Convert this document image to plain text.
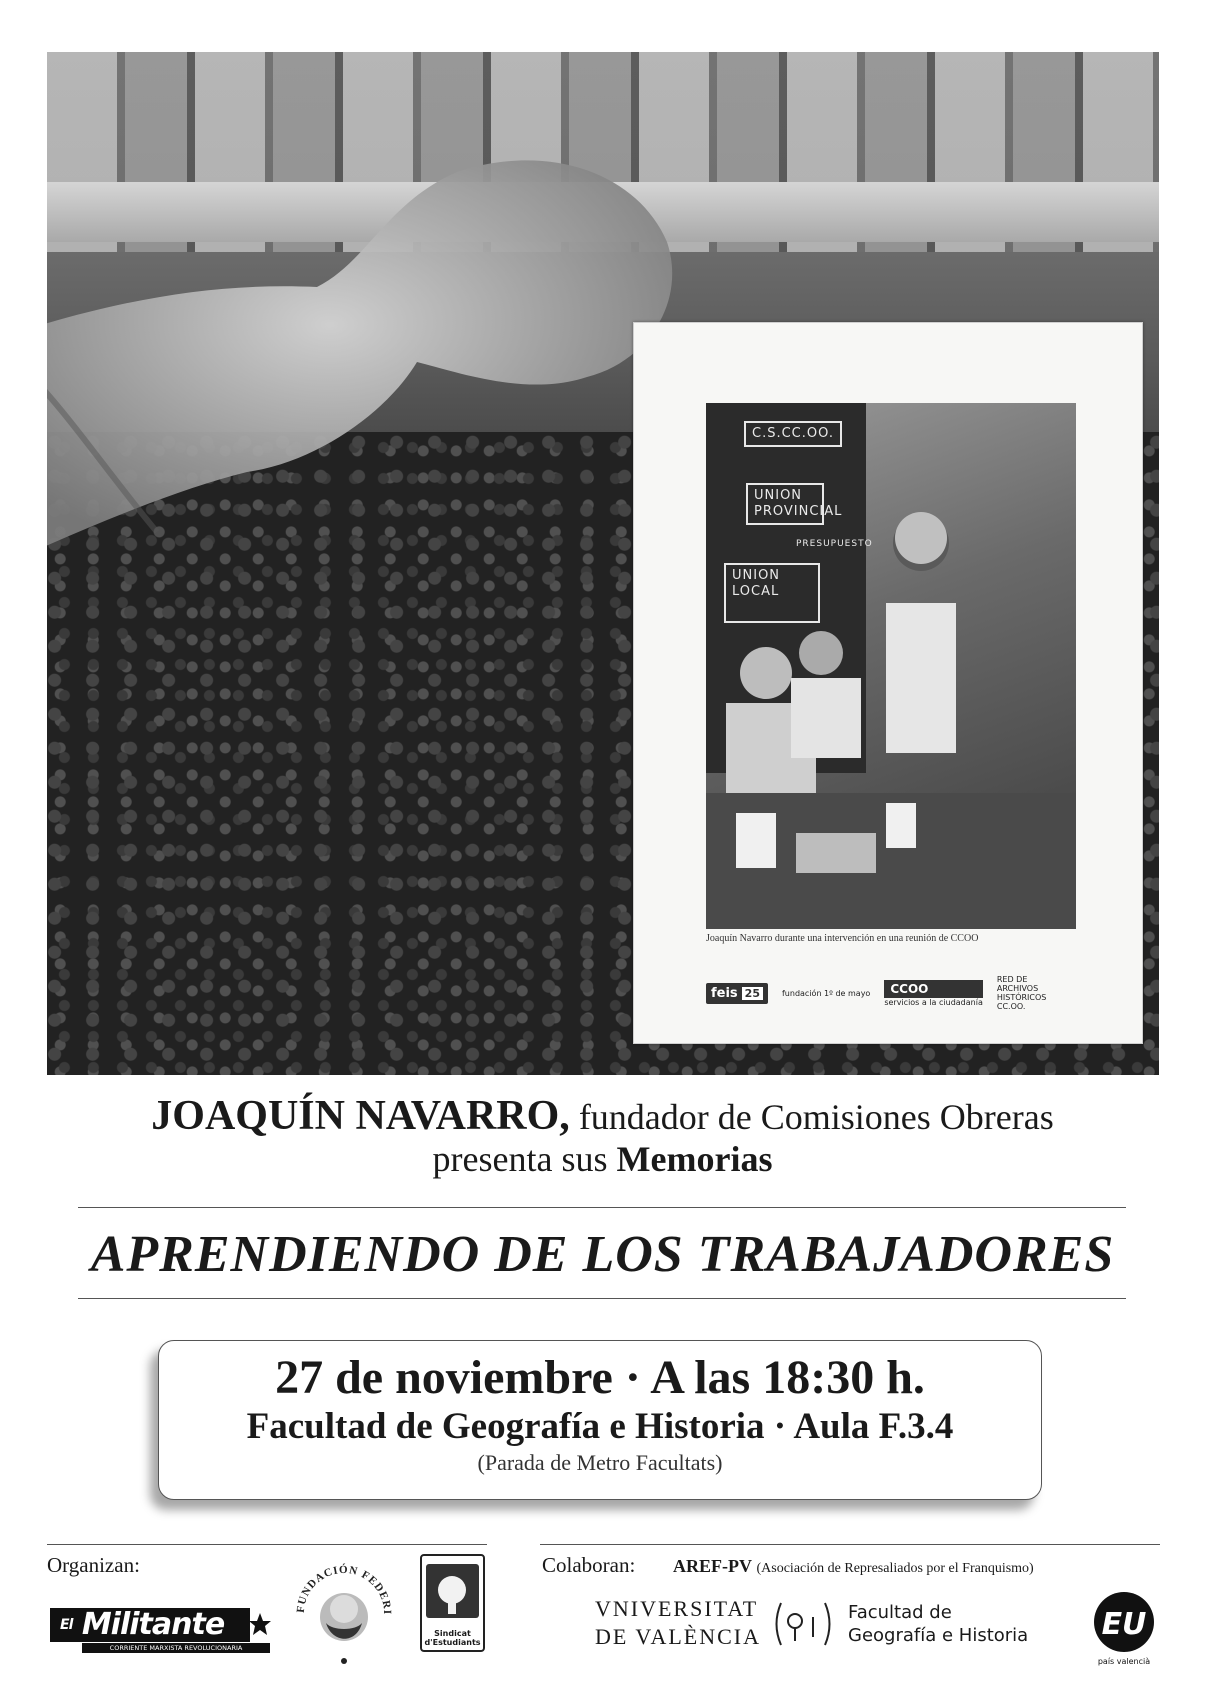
C.S.CC.OO.
UNION PROVINCIAL
UNION LOCAL
PRESUPUESTO
Joaquín Navarro durante una intervención en una reunión de CCOO
feis 25	fundación 1º de mayo	CCOO
servicios a la ciudadanía
RED DE ARCHIVOS HISTÓRICOS CC.OO.
JOAQUÍN NAVARRO, fundador de Comisiones Obreras
presenta sus Memorias
APRENDIENDO DE LOS TRABAJADORES
27 de noviembre · A las 18:30 h.
Facultad de Geografía e Historia · Aula F.3.4
(Parada de Metro Facultats)
Organizan:	Colaboran: AREF-PV (Asociación de Represaliados por el Franquismo)
$^{El}$ Militante
CORRIENTE MARXISTA REVOLUCIONARIA
FUNDACIÓN FEDERI
Sindicat d'Estudiants
VNIVERSITAT
DE VALÈNCIA
Facultad de
Geografía e Historia	EU
país valencià
